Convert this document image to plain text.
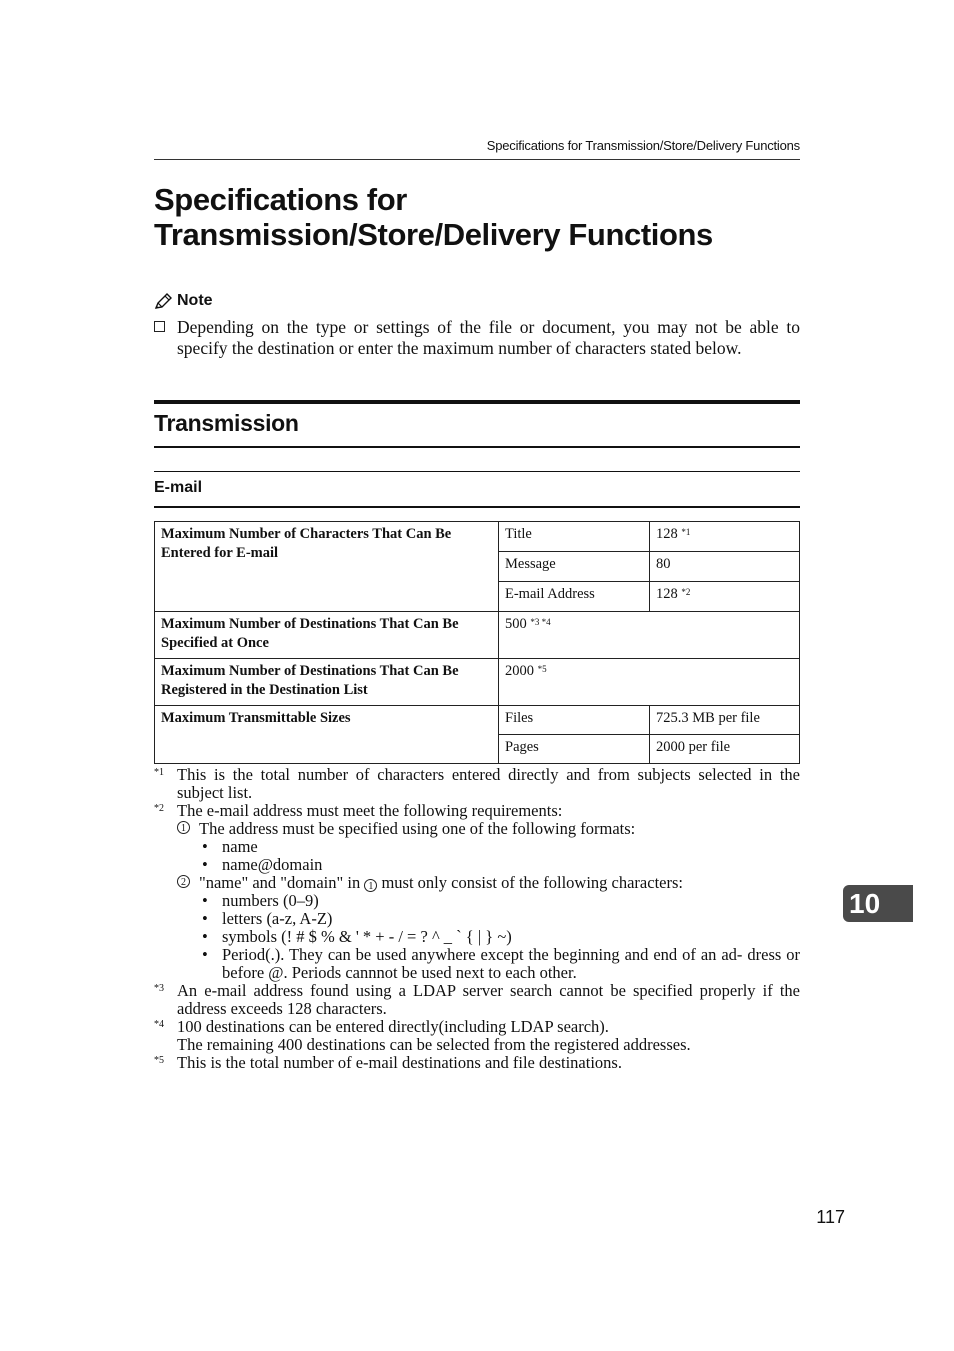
Specifications for Transmission/Store/Delivery Functions
Specifications for
Transmission/Store/Delivery Functions
Note
Depending on the type or settings of the file or document, you may not be able to specify the destination or enter the maximum number of characters stated below.
Transmission
E-mail
Maximum Number of Characters That Can Be Entered for E-mail	Title	128 $^{*1}$
	Message	80
	E-mail Address	128 $^{*2}$
Maximum Number of Destinations That Can Be Specified at Once	500 $^{*3 *4}$
Maximum Number of Destinations That Can Be Registered in the Destination List	2000 $^{*5}$
Maximum Transmittable Sizes	Files	725.3 MB per file
	Pages	2000 per file
*1 This is the total number of characters entered directly and from subjects selected in the subject list.
*2 The e-mail address must meet the following requirements:
1 The address must be specified using one of the following formats:
• name
• name@domain
2 "name" and "domain" in 1 must only consist of the following characters:
• numbers (0–9)
• letters (a-z, A-Z)
• symbols (! # $ % & ' * + - / = ? ^ _ ` { | } ~)
• Period(.). They can be used anywhere except the beginning and end of an ad- dress or before @. Periods cannnot be used next to each other.
*3 An e-mail address found using a LDAP server search cannot be specified properly if the address exceeds 128 characters.
*4 100 destinations can be entered directly(including LDAP search).
The remaining 400 destinations can be selected from the registered addresses.
*5 This is the total number of e-mail destinations and file destinations.
10
117
